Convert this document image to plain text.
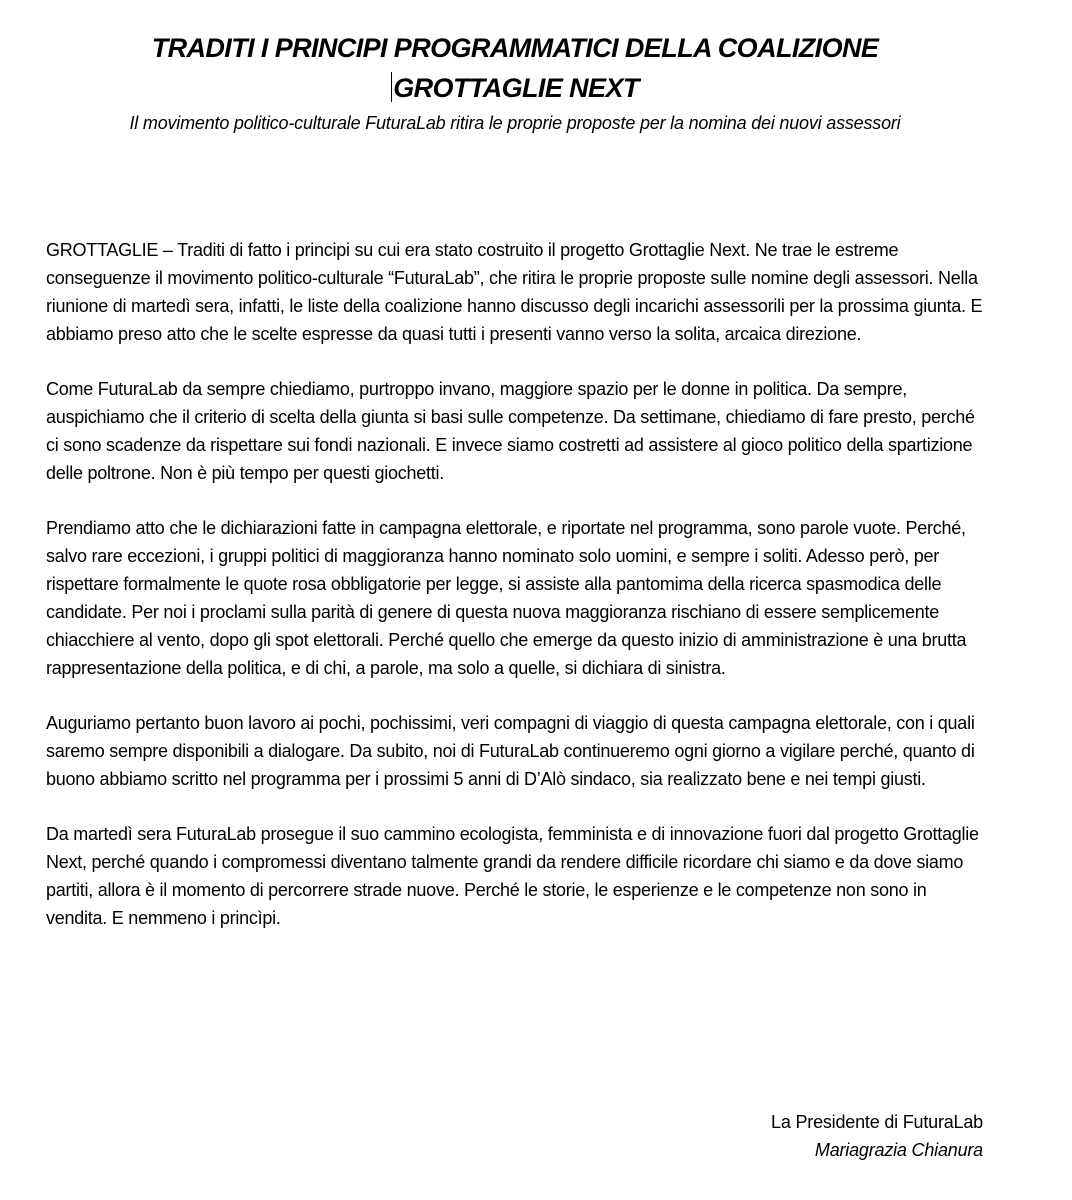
TRADITI I PRINCIPI PROGRAMMATICI DELLA COALIZIONE
GROTTAGLIE NEXT

Il movimento politico-culturale FuturaLab ritira le proprie proposte per la nomina dei nuovi assessori

GROTTAGLIE – Traditi di fatto i principi su cui era stato costruito il progetto Grottaglie Next. Ne trae le estreme conseguenze il movimento politico-culturale “FuturaLab”, che ritira le proprie proposte sulle nomine degli assessori. Nella riunione di martedì sera, infatti, le liste della coalizione hanno discusso degli incarichi assessorili per la prossima giunta. E abbiamo preso atto che le scelte espresse da quasi tutti i presenti vanno verso la solita, arcaica direzione.

Come FuturaLab da sempre chiediamo, purtroppo invano, maggiore spazio per le donne in politica. Da sempre, auspichiamo che il criterio di scelta della giunta si basi sulle competenze. Da settimane, chiediamo di fare presto, perché ci sono scadenze da rispettare sui fondi nazionali. E invece siamo costretti ad assistere al gioco politico della spartizione delle poltrone. Non è più tempo per questi giochetti.

Prendiamo atto che le dichiarazioni fatte in campagna elettorale, e riportate nel programma, sono parole vuote. Perché, salvo rare eccezioni, i gruppi politici di maggioranza hanno nominato solo uomini, e sempre i soliti. Adesso però, per rispettare formalmente le quote rosa obbligatorie per legge, si assiste alla pantomima della ricerca spasmodica delle candidate. Per noi i proclami sulla parità di genere di questa nuova maggioranza rischiano di essere semplicemente chiacchiere al vento, dopo gli spot elettorali. Perché quello che emerge da questo inizio di amministrazione è una brutta rappresentazione della politica, e di chi, a parole, ma solo a quelle, si dichiara di sinistra.

Auguriamo pertanto buon lavoro ai pochi, pochissimi, veri compagni di viaggio di questa campagna elettorale, con i quali saremo sempre disponibili a dialogare. Da subito, noi di FuturaLab continueremo ogni giorno a vigilare perché, quanto di buono abbiamo scritto nel programma per i prossimi 5 anni di D’Alò sindaco, sia realizzato bene e nei tempi giusti.

Da martedì sera FuturaLab prosegue il suo cammino ecologista, femminista e di innovazione fuori dal progetto Grottaglie Next, perché quando i compromessi diventano talmente grandi da rendere difficile ricordare chi siamo e da dove siamo partiti, allora è il momento di percorrere strade nuove. Perché le storie, le esperienze e le competenze non sono in vendita. E nemmeno i princìpi.

La Presidente di FuturaLab
Mariagrazia Chianura
